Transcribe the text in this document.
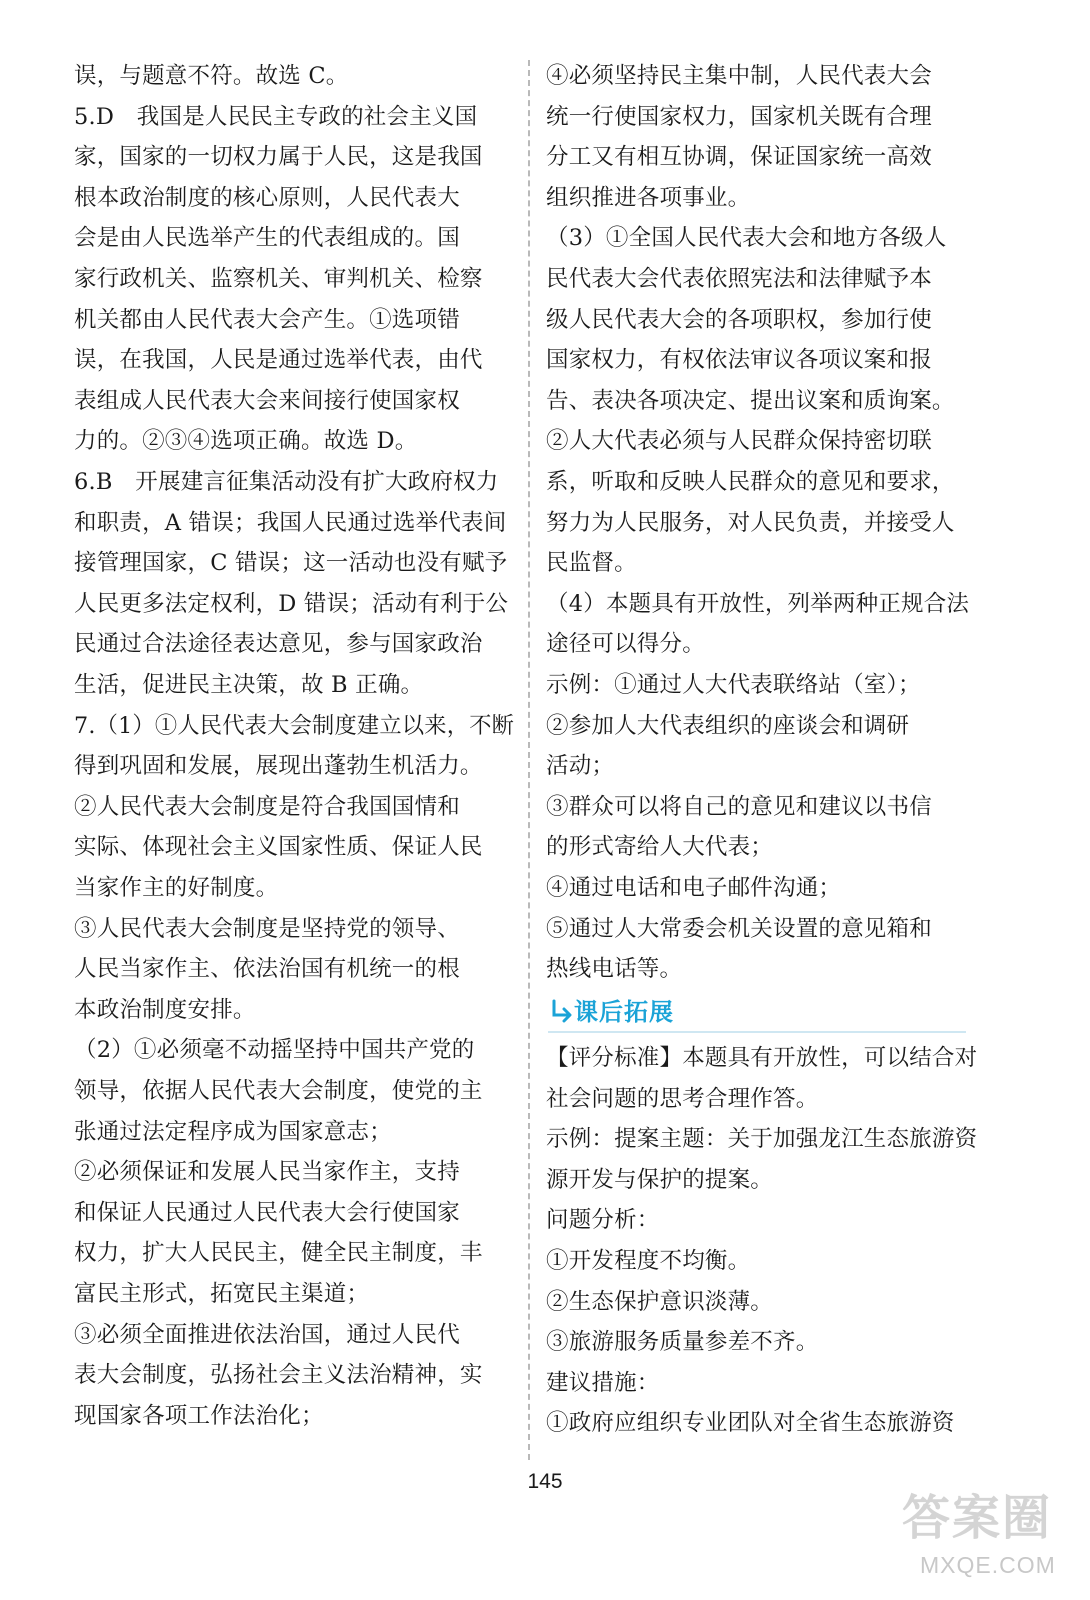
误，与题意不符。故选 C。
5.D　我国是人民民主专政的社会主义国
家，国家的一切权力属于人民，这是我国
根本政治制度的核心原则，人民代表大
会是由人民选举产生的代表组成的。国
家行政机关、监察机关、审判机关、检察
机关都由人民代表大会产生。①选项错
误，在我国，人民是通过选举代表，由代
表组成人民代表大会来间接行使国家权
力的。②③④选项正确。故选 D。
6.B　开展建言征集活动没有扩大政府权力
和职责，A 错误；我国人民通过选举代表间
接管理国家，C 错误；这一活动也没有赋予
人民更多法定权利，D 错误；活动有利于公
民通过合法途径表达意见，参与国家政治
生活，促进民主决策，故 B 正确。
7.（1）①人民代表大会制度建立以来，不断
得到巩固和发展，展现出蓬勃生机活力。
②人民代表大会制度是符合我国国情和
实际、体现社会主义国家性质、保证人民
当家作主的好制度。
③人民代表大会制度是坚持党的领导、
人民当家作主、依法治国有机统一的根
本政治制度安排。
（2）①必须毫不动摇坚持中国共产党的
领导，依据人民代表大会制度，使党的主
张通过法定程序成为国家意志；
②必须保证和发展人民当家作主，支持
和保证人民通过人民代表大会行使国家
权力，扩大人民民主，健全民主制度，丰
富民主形式，拓宽民主渠道；
③必须全面推进依法治国，通过人民代
表大会制度，弘扬社会主义法治精神，实
现国家各项工作法治化；
④必须坚持民主集中制，人民代表大会
统一行使国家权力，国家机关既有合理
分工又有相互协调，保证国家统一高效
组织推进各项事业。
（3）①全国人民代表大会和地方各级人
民代表大会代表依照宪法和法律赋予本
级人民代表大会的各项职权，参加行使
国家权力，有权依法审议各项议案和报
告、表决各项决定、提出议案和质询案。
②人大代表必须与人民群众保持密切联
系，听取和反映人民群众的意见和要求，
努力为人民服务，对人民负责，并接受人
民监督。
（4）本题具有开放性，列举两种正规合法
途径可以得分。
示例：①通过人大代表联络站（室）；
②参加人大代表组织的座谈会和调研
活动；
③群众可以将自己的意见和建议以书信
的形式寄给人大代表；
④通过电话和电子邮件沟通；
⑤通过人大常委会机关设置的意见箱和
热线电话等。
【评分标准】本题具有开放性，可以结合对
社会问题的思考合理作答。
示例：提案主题：关于加强龙江生态旅游资
源开发与保护的提案。
问题分析：
①开发程度不均衡。
②生态保护意识淡薄。
③旅游服务质量参差不齐。
建议措施：
①政府应组织专业团队对全省生态旅游资
课后拓展
145
答案圈
MXQE.COM
